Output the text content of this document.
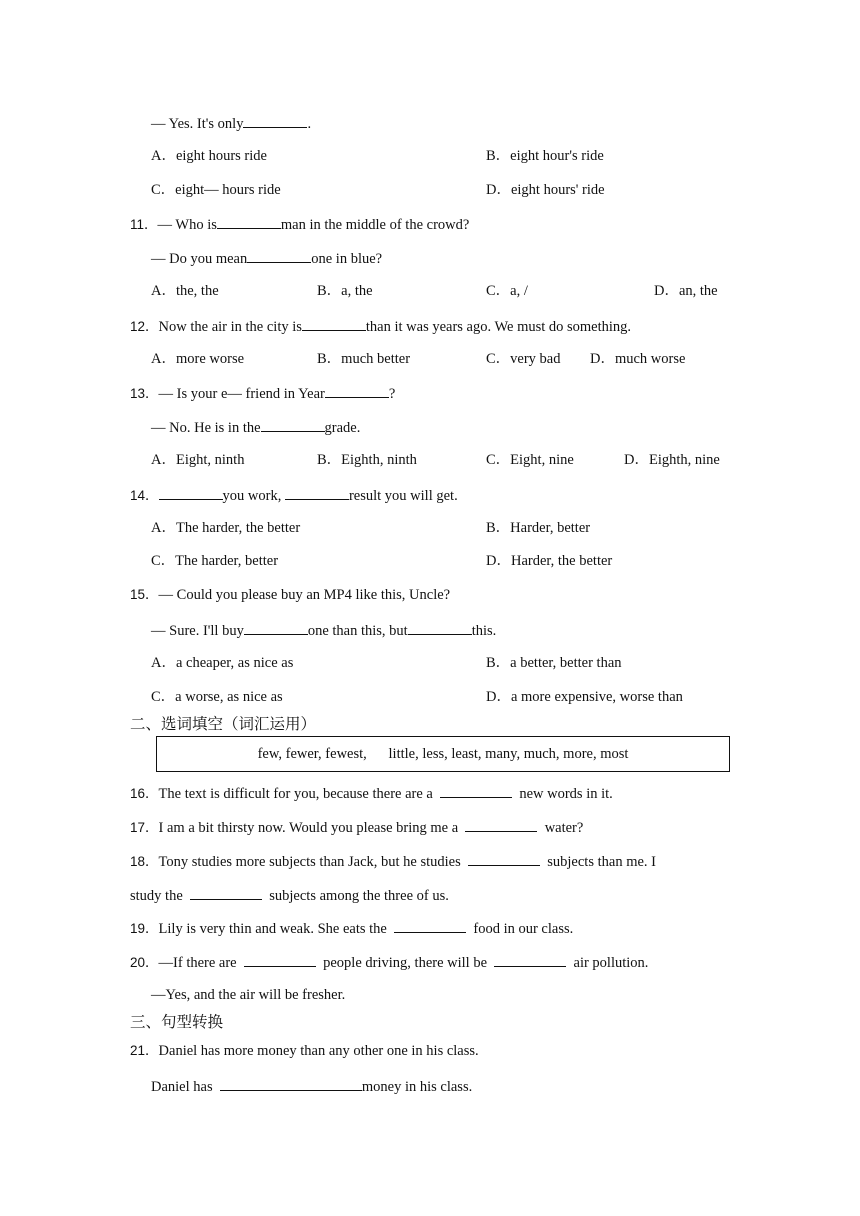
— Yes. It's only	.
A．eight hours ride	B．eight hour's ride
C．eight— hours ride	D．eight hours' ride
11．— Who is	man in the middle of the crowd?
— Do you mean	one in blue?
A．the, the	B．a, the	C．a, /	D．an, the
12．Now the air in the city is	than it was years ago. We must do something.
A．more worse	B．much better	C．very bad D．much worse
13．— Is your e— friend in Year	?
— No. He is in the	grade.
A．Eight, ninth	B．Eighth, ninth	C．Eight, nine	D．Eighth, nine
14．	you work,	result you will get.
A．The harder, the better	B．Harder, better
C．The harder, better	D．Harder, the better
15．— Could you please buy an MP4 like this, Uncle?
— Sure. I'll buy	one than this, but	this.
A．a cheaper, as nice as	B．a better, better than
C．a worse, as nice as	D．a more expensive, worse than
二、选词填空（词汇运用）
few, fewer, fewest,      little, less, least, many, much, more, most
16．The text is difficult for you, because there are a	new words in it.
17．I am a bit thirsty now. Would you please bring me a	water?
18．Tony studies more subjects than Jack, but he studies	subjects than me. I
study the	subjects among the three of us.
19．Lily is very thin and weak. She eats the	food in our class.
20．—If there are	people driving, there will be	air pollution.
—Yes, and the air will be fresher.
三、句型转换
21．Daniel has more money than any other one in his class.
Daniel has	money in his class.
